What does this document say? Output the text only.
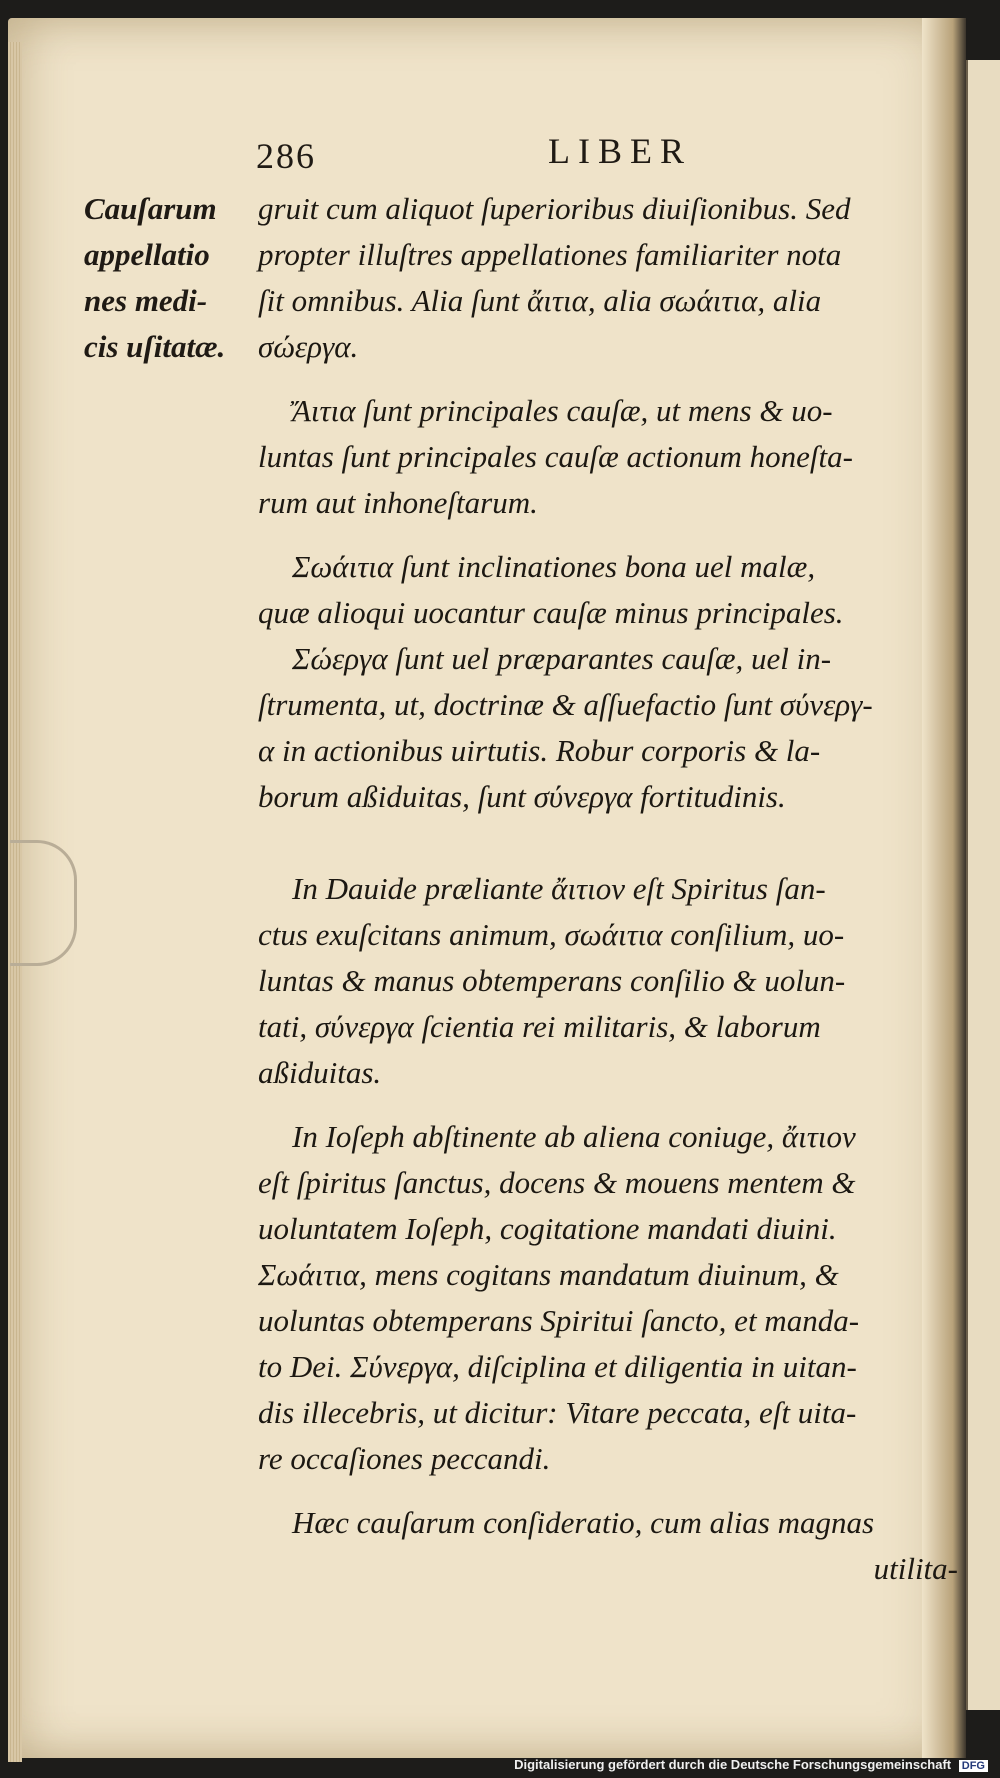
286	LIBER
Cauſarum
appellatio
nes medi-
cis uſitatæ.
gruit cum aliquot ſuperioribus diuiſionibus. Sed
propter illuſtres appellationes familiariter nota
ſit omnibus. Alia ſunt ἄιτια, alia σωάιτια, alia
σώεργα.
Ἄιτια ſunt principales cauſæ, ut mens & uo-
luntas ſunt principales cauſæ actionum honeſta-
rum aut inhoneſtarum.
Σωάιτια ſunt inclinationes bona uel malæ,
quæ alioqui uocantur cauſæ minus principales.
Σώεργα ſunt uel præparantes cauſæ, uel in-
ſtrumenta, ut, doctrinæ & aſſuefactio ſunt σύνεργ-
α in actionibus uirtutis. Robur corporis & la-
borum aßiduitas, ſunt σύνεργα fortitudinis.
In Dauide præliante ἄιτιον eſt Spiritus ſan-
ctus exuſcitans animum, σωάιτια conſilium, uo-
luntas & manus obtemperans conſilio & uolun-
tati, σύνεργα ſcientia rei militaris, & laborum
aßiduitas.
In Ioſeph abſtinente ab aliena coniuge, ἄιτιον
eſt ſpiritus ſanctus, docens & mouens mentem &
uoluntatem Ioſeph, cogitatione mandati diuini.
Σωάιτια, mens cogitans mandatum diuinum, &
uoluntas obtemperans Spiritui ſancto, et manda-
to Dei. Σύνεργα, diſciplina et diligentia in uitan-
dis illecebris, ut dicitur: Vitare peccata, eſt uita-
re occaſiones peccandi.
Hæc cauſarum conſideratio, cum alias magnas
utilita-
Digitalisierung gefördert durch die Deutsche Forschungsgemeinschaft DFG
